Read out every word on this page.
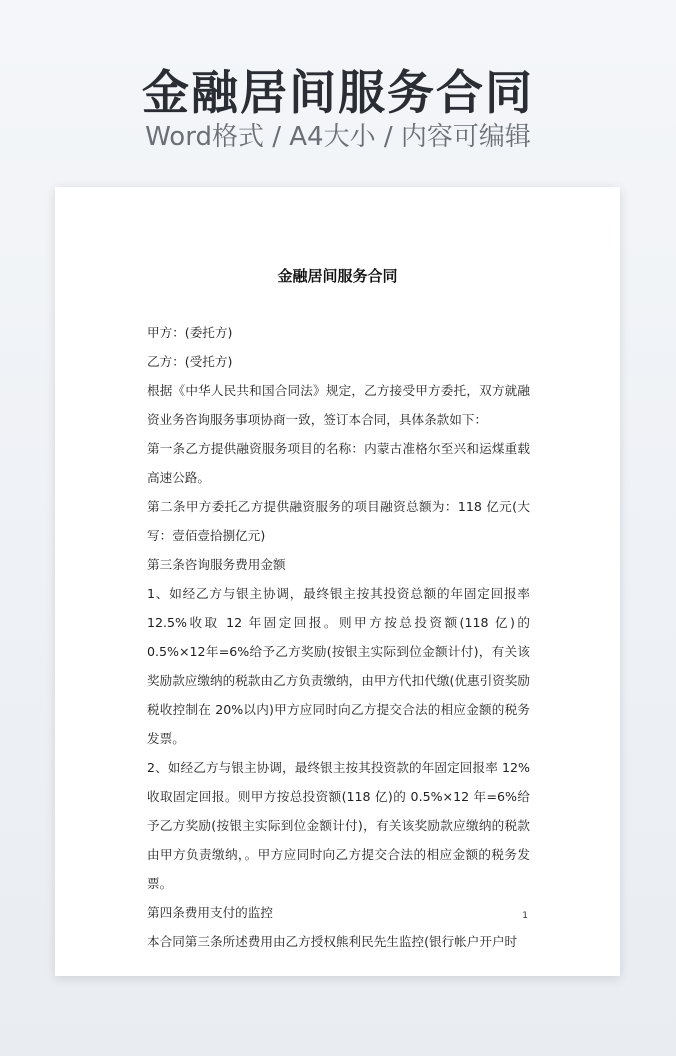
金融居间服务合同
Word格式 / A4大小 / 内容可编辑
金融居间服务合同

甲方：(委托方)

乙方：(受托方)

根据《中华人民共和国合同法》规定，乙方接受甲方委托，双方就融资业务咨询服务事项协商一致，签订本合同，具体条款如下：

第一条乙方提供融资服务项目的名称：内蒙古准格尔至兴和运煤重载高速公路。

第二条甲方委托乙方提供融资服务的项目融资总额为：118 亿元(大写：壹佰壹拾捌亿元)

第三条咨询服务费用金额

1、如经乙方与银主协调，最终银主按其投资总额的年固定回报率12.5%收取 12 年固定回报。则甲方按总投资额(118 亿)的 0.5%×12年=6%给予乙方奖励(按银主实际到位金额计付)，有关该奖励款应缴纳的税款由乙方负责缴纳，由甲方代扣代缴(优惠引资奖励税收控制在 20%以内)甲方应同时向乙方提交合法的相应金额的税务发票。

2、如经乙方与银主协调，最终银主按其投资款的年固定回报率 12%收取固定回报。则甲方按总投资额(118 亿)的 0.5%×12 年=6%给予乙方奖励(按银主实际到位金额计付)，有关该奖励款应缴纳的税款由甲方负责缴纳，。甲方应同时向乙方提交合法的相应金额的税务发票。

第四条费用支付的监控

本合同第三条所述费用由乙方授权熊利民先生监控(银行帐户开户时

1
